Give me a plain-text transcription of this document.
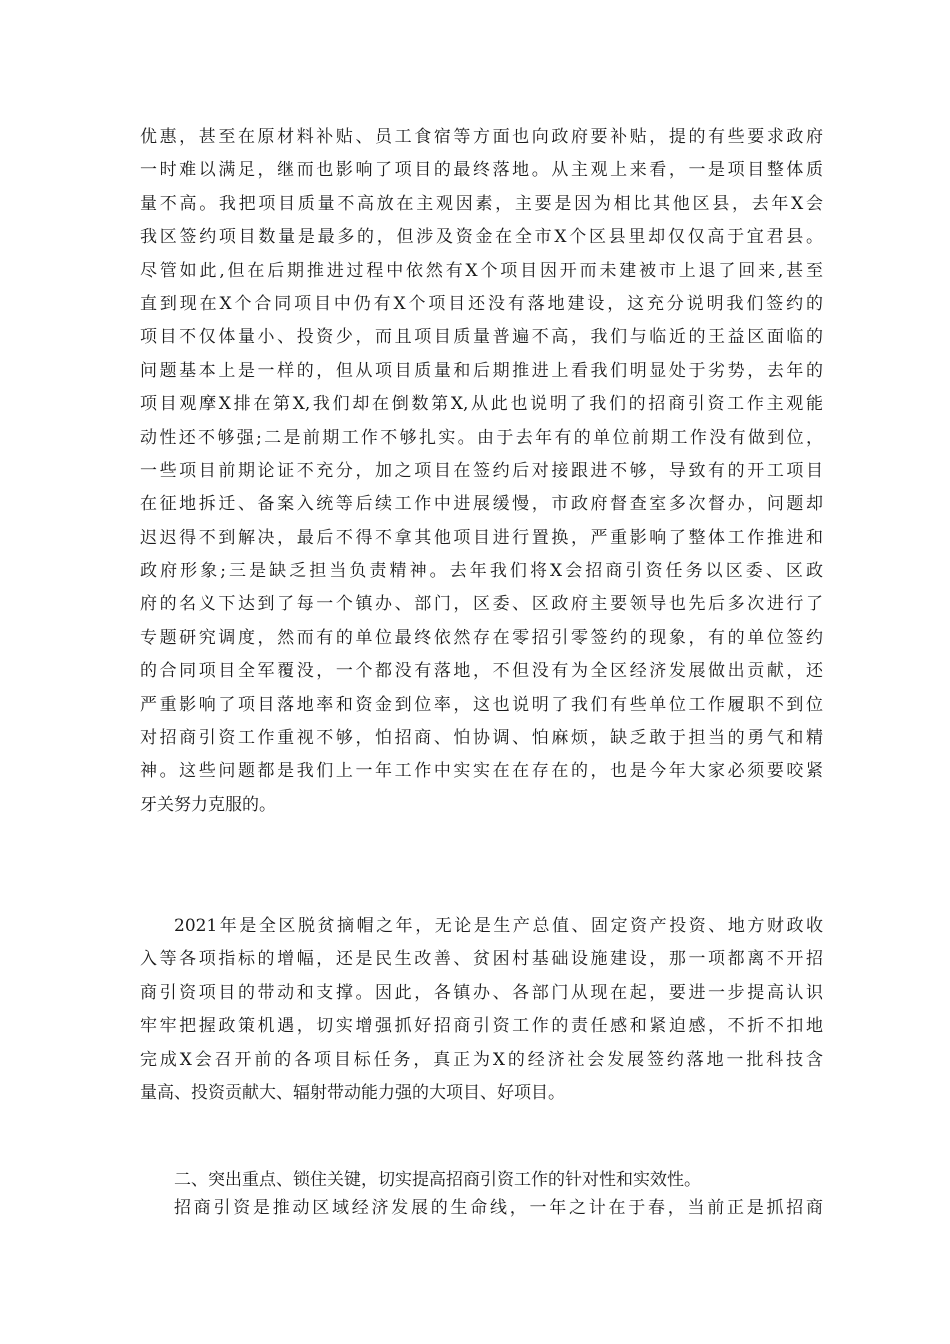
优惠，甚至在原材料补贴、员工食宿等方面也向政府要补贴，提的有些要求政府
一时难以满足，继而也影响了项目的最终落地。从主观上来看，一是项目整体质
量不高。我把项目质量不高放在主观因素，主要是因为相比其他区县，去年X会
我区签约项目数量是最多的，但涉及资金在全市X个区县里却仅仅高于宜君县。
尽管如此,但在后期推进过程中依然有X个项目因开而未建被市上退了回来,甚至
直到现在X个合同项目中仍有X个项目还没有落地建设，这充分说明我们签约的
项目不仅体量小、投资少，而且项目质量普遍不高，我们与临近的王益区面临的
问题基本上是一样的，但从项目质量和后期推进上看我们明显处于劣势，去年的
项目观摩X排在第X,我们却在倒数第X,从此也说明了我们的招商引资工作主观能
动性还不够强;二是前期工作不够扎实。由于去年有的单位前期工作没有做到位，
一些项目前期论证不充分，加之项目在签约后对接跟进不够，导致有的开工项目
在征地拆迁、备案入统等后续工作中进展缓慢，市政府督查室多次督办，问题却
迟迟得不到解决，最后不得不拿其他项目进行置换，严重影响了整体工作推进和
政府形象;三是缺乏担当负责精神。去年我们将X会招商引资任务以区委、区政
府的名义下达到了每一个镇办、部门，区委、区政府主要领导也先后多次进行了
专题研究调度，然而有的单位最终依然存在零招引零签约的现象，有的单位签约
的合同项目全军覆没，一个都没有落地，不但没有为全区经济发展做出贡献，还
严重影响了项目落地率和资金到位率，这也说明了我们有些单位工作履职不到位
对招商引资工作重视不够，怕招商、怕协调、怕麻烦，缺乏敢于担当的勇气和精
神。这些问题都是我们上一年工作中实实在在存在的，也是今年大家必须要咬紧
牙关努力克服的。
2021年是全区脱贫摘帽之年，无论是生产总值、固定资产投资、地方财政收
入等各项指标的增幅，还是民生改善、贫困村基础设施建设，那一项都离不开招
商引资项目的带动和支撑。因此，各镇办、各部门从现在起，要进一步提高认识
牢牢把握政策机遇，切实增强抓好招商引资工作的责任感和紧迫感，不折不扣地
完成X会召开前的各项目标任务，真正为X的经济社会发展签约落地一批科技含
量高、投资贡献大、辐射带动能力强的大项目、好项目。
二、突出重点、锁住关键，切实提高招商引资工作的针对性和实效性。
招商引资是推动区域经济发展的生命线，一年之计在于春，当前正是抓招商
